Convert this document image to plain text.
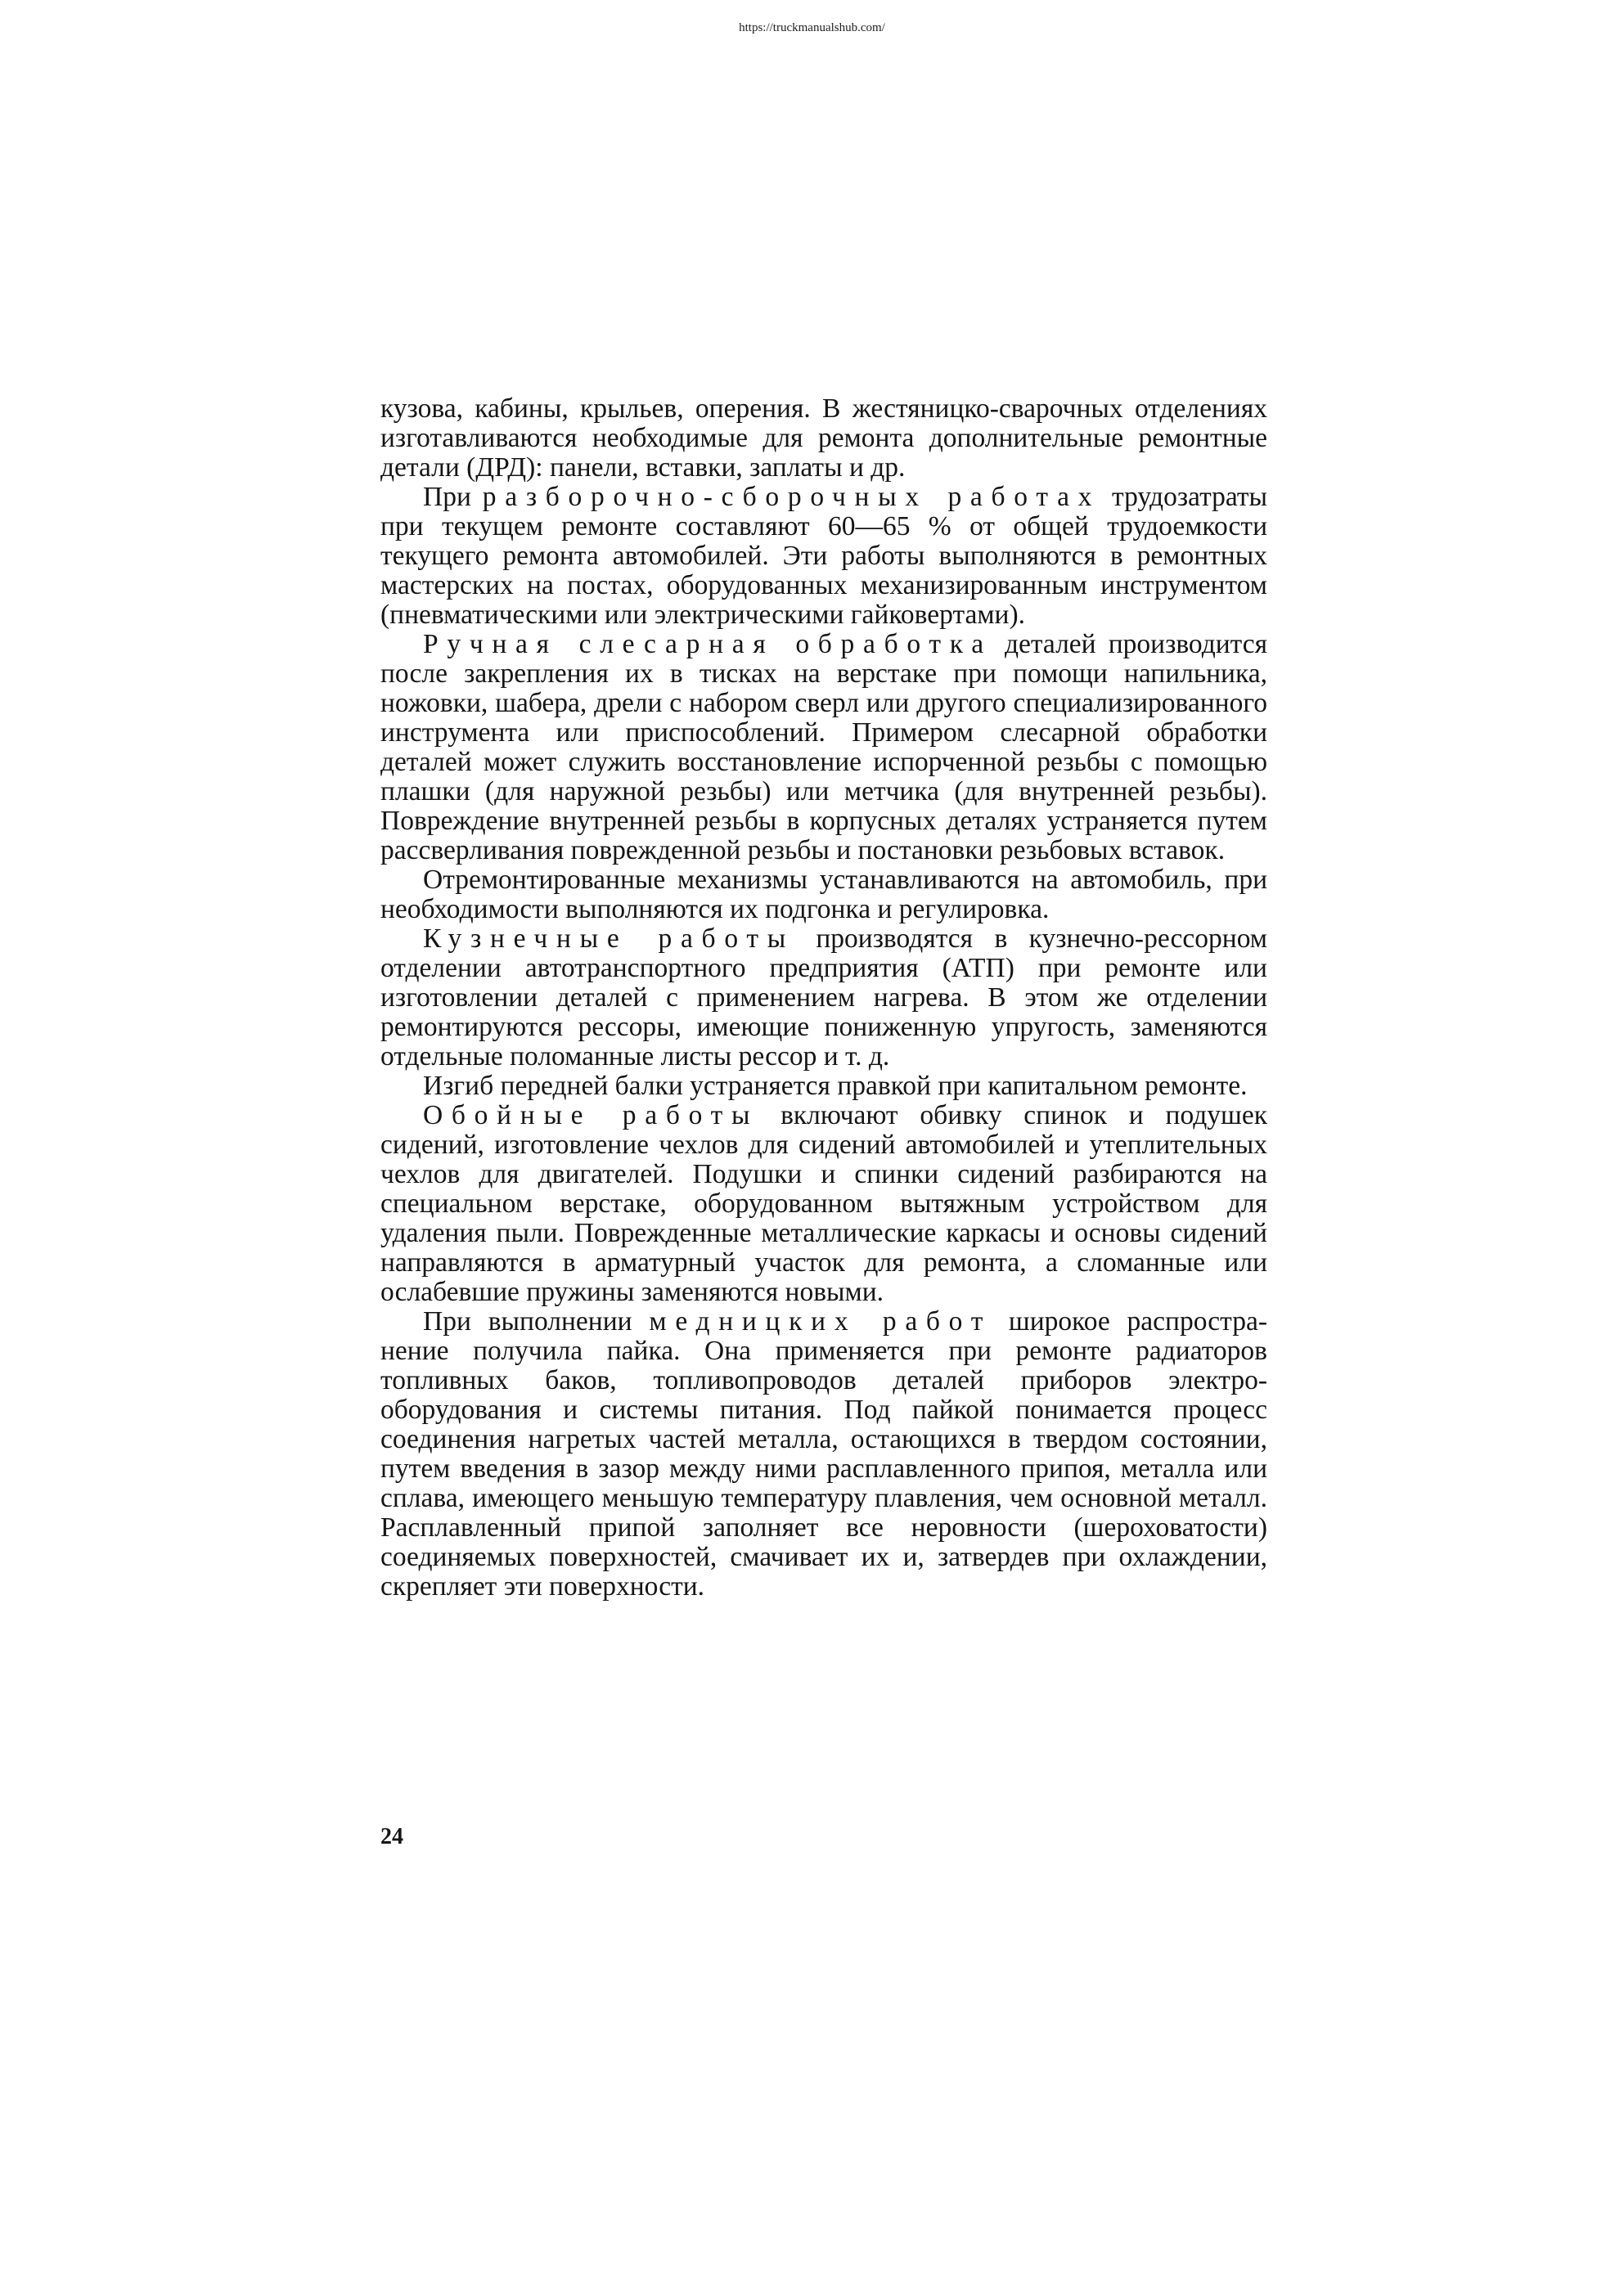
https://truckmanualshub.com/

кузова, кабины, крыльев, оперения. В жестяницко-сварочных отделениях изготавливаются необходимые для ремонта дополнительные ремонтные детали (ДРД): панели, вставки, заплаты и др.

При разборочно-сборочных работах трудозатраты при текущем ремонте составляют 60—65 % от общей трудоемкости текущего ремонта автомобилей. Эти работы выполняются в ремонтных мастерских на постах, оборудованных механизированным инструментом (пневматическими или электрическими гайковертами).

Ручная слесарная обработка деталей производится после закрепления их в тисках на верстаке при помощи напильника, ножовки, шабера, дрели с набором сверл или другого специализированного инструмента или приспособлений. Примером слесарной обработки деталей может служить восстановление испорченной резьбы с помощью плашки (для наружной резьбы) или метчика (для внутренней резьбы). Повреждение внутренней резьбы в корпусных деталях устраняется путем рассверливания поврежденной резьбы и постановки резьбовых вставок.

Отремонтированные механизмы устанавливаются на автомобиль, при необходимости выполняются их подгонка и регулировка.

Кузнечные работы производятся в кузнечно-рессорном отделении автотранспортного предприятия (АТП) при ремонте или изготовлении деталей с применением нагрева. В этом же отделении ремонтируются рессоры, имеющие пониженную упругость, заменяются отдельные поломанные листы рессор и т. д.

Изгиб передней балки устраняется правкой при капитальном ремонте.

Обойные работы включают обивку спинок и подушек сидений, изготовление чехлов для сидений автомобилей и утеплительных чехлов для двигателей. Подушки и спинки сидений разбираются на специальном верстаке, оборудованном вытяжным устройством для удаления пыли. Поврежденные металлические каркасы и основы сидений направляются в арматурный участок для ремонта, а сломанные или ослабевшие пружины заменяются новыми.

При выполнении медницких работ широкое распространение получила пайка. Она применяется при ремонте радиаторов топливных баков, топливопроводов деталей приборов электрооборудования и системы питания. Под пайкой понимается процесс соединения нагретых частей металла, остающихся в твердом состоянии, путем введения в зазор между ними расплавленного припоя, металла или сплава, имеющего меньшую температуру плавления, чем основной металл. Расплавленный припой заполняет все неровности (шероховатости) соединяемых поверхностей, смачивает их и, затвердев при охлаждении, скрепляет эти поверхности.

24
